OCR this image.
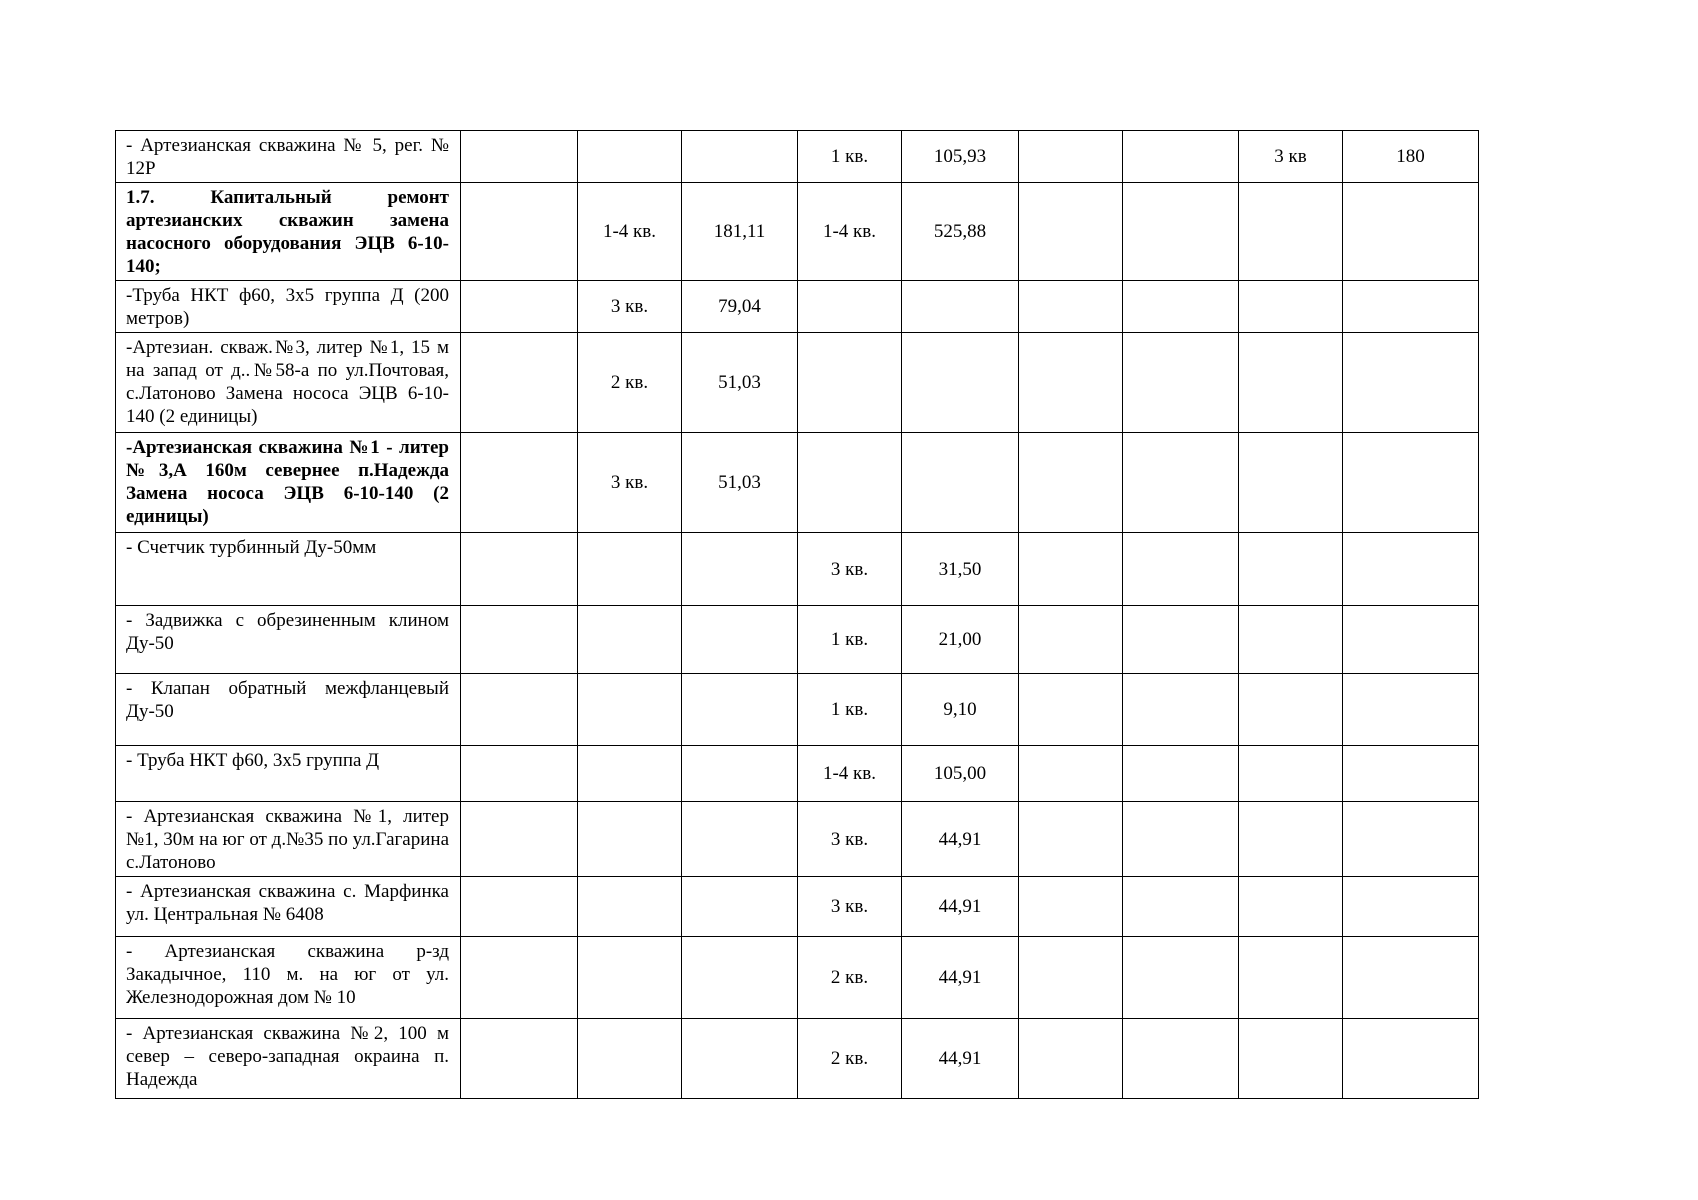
- Артезианская скважина № 5, рег. № 12Р				1 кв.	105,93			3 кв	180
1.7. Капитальный ремонт артезианских скважин замена насосного оборудования ЭЦВ 6-10-140;		1-4 кв.	181,11	1-4 кв.	525,88				
-Труба НКТ ф60, 3х5 группа Д (200 метров)		3 кв.	79,04						
-Артезиан. скваж.№3, литер №1, 15 м на запад от д..№58-а по ул.Почтовая, с.Латоново Замена нососа ЭЦВ 6-10-140 (2 единицы)		2 кв.	51,03						
-Артезианская скважина №1 - литер №3,А 160м севернее п.Надежда Замена нососа ЭЦВ 6-10-140 (2 единицы)		3 кв.	51,03						
- Счетчик турбинный Ду-50мм				3 кв.	31,50				
- Задвижка с обрезиненным клином Ду-50				1 кв.	21,00				
- Клапан обратный межфланцевый Ду-50				1 кв.	9,10				
- Труба НКТ ф60, 3х5 группа Д				1-4 кв.	105,00				
- Артезианская скважина №1, литер №1, 30м на юг от д.№35 по ул.Гагарина с.Латоново				3 кв.	44,91				
- Артезианская скважина с. Марфинка ул. Центральная № 6408				3 кв.	44,91				
- Артезианская скважина р-зд Закадычное, 110 м. на юг от ул. Железнодорожная дом № 10				2 кв.	44,91				
- Артезианская скважина №2, 100 м север – северо-западная окраина п. Надежда				2 кв.	44,91				
